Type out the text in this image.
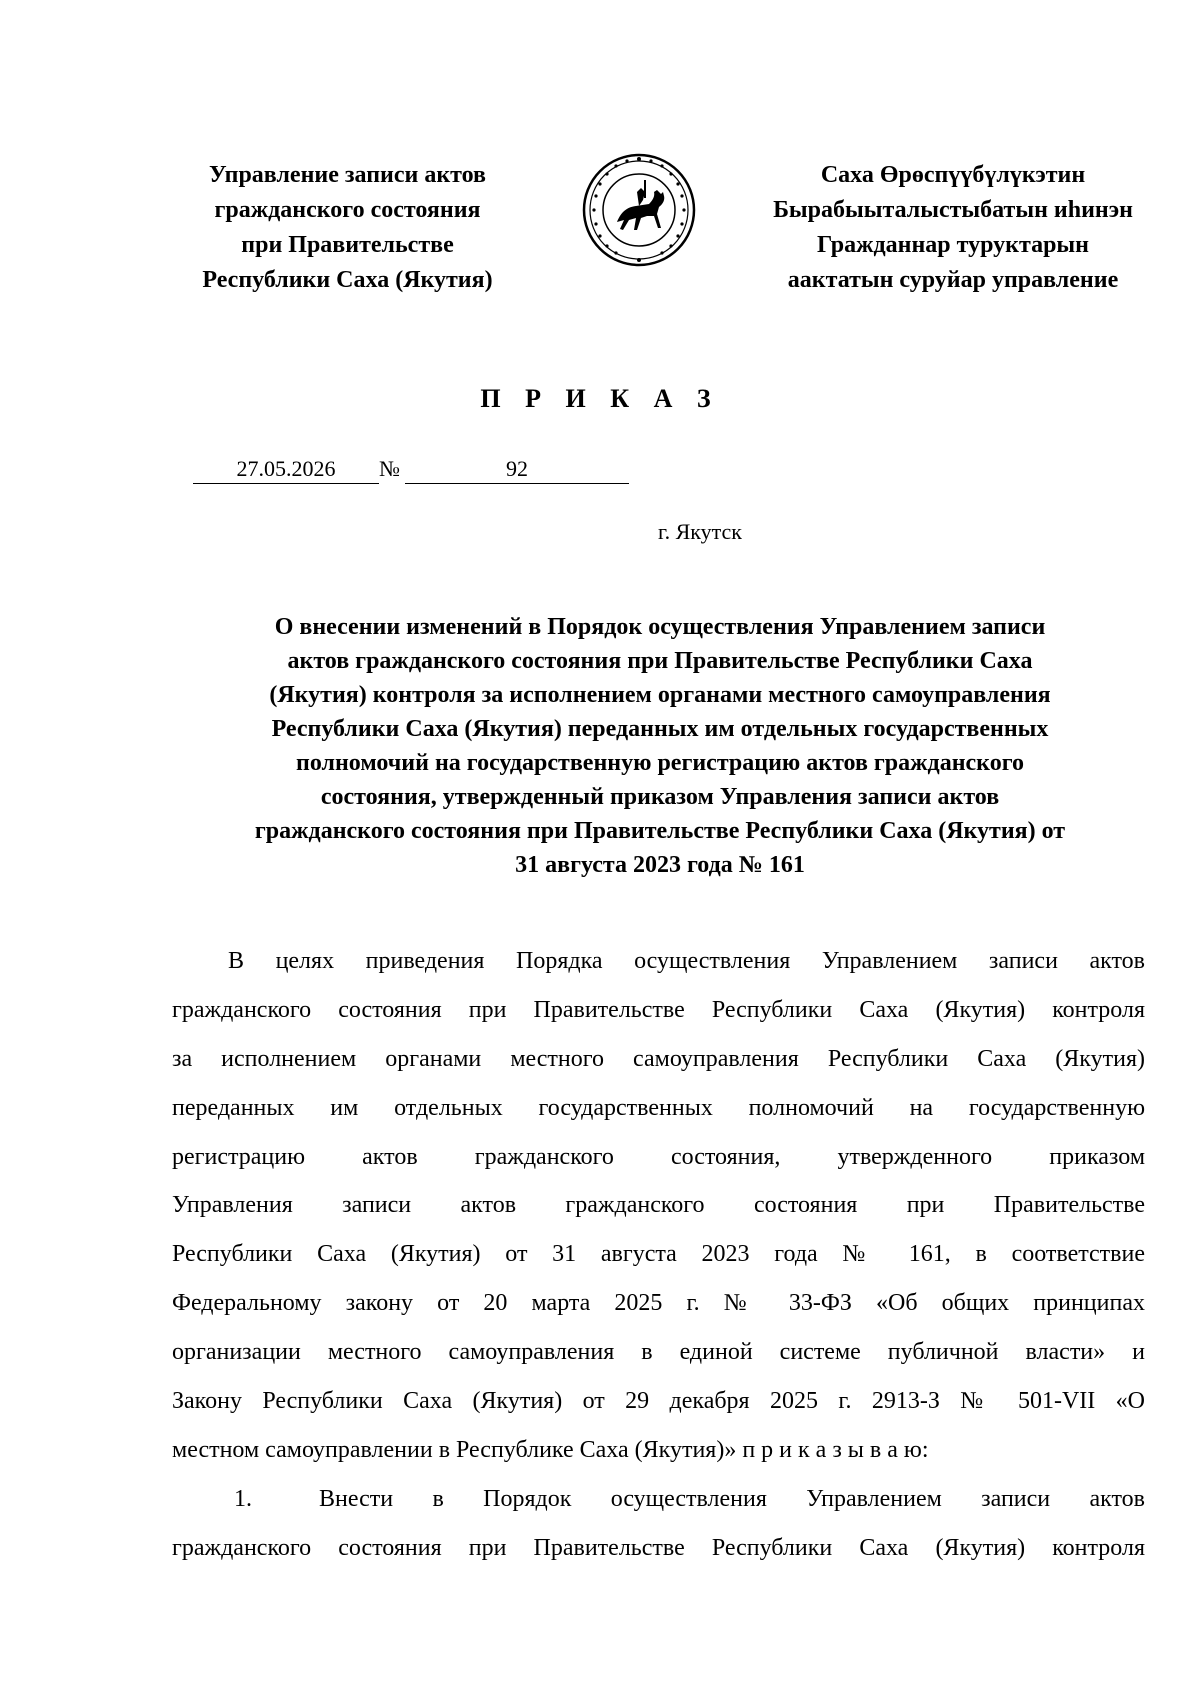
Управление записи актов
гражданского состояния
при Правительстве
Республики Саха (Якутия)
Саха Өрөспүүбүлүкэтин
Бырабыыталыстыбатын иһинэн
Гражданнар туруктарын
аактатын суруйар управление
П Р И К А З
27.05.2026	№	92
г. Якутск
О внесении изменений в Порядок осуществления Управлением записи
актов гражданского состояния при Правительстве Республики Саха
(Якутия) контроля за исполнением органами местного самоуправления
Республики Саха (Якутия) переданных им отдельных государственных
полномочий на государственную регистрацию актов гражданского
состояния, утвержденный приказом Управления записи актов
гражданского состояния при Правительстве Республики Саха (Якутия) от
31 августа 2023 года № 161
В целях приведения Порядка осуществления Управлением записи актов
гражданского состояния при Правительстве Республики Саха (Якутия) контроля
за исполнением органами местного самоуправления Республики Саха (Якутия)
переданных им отдельных государственных полномочий на государственную
регистрацию актов гражданского состояния, утвержденного приказом
Управления записи актов гражданского состояния при Правительстве
Республики Саха (Якутия) от 31 августа 2023 года № 161, в соответствие
Федеральному закону от 20 марта 2025 г. № 33-ФЗ «Об общих принципах
организации местного самоуправления в единой системе публичной власти» и
Закону Республики Саха (Якутия) от 29 декабря 2025 г. 2913-З № 501-VII «О
местном самоуправлении в Республике Саха (Якутия)» п р и к а з ы в а ю:
1.	Внести в Порядок осуществления Управлением записи актов
гражданского состояния при Правительстве Республики Саха (Якутия) контроля
